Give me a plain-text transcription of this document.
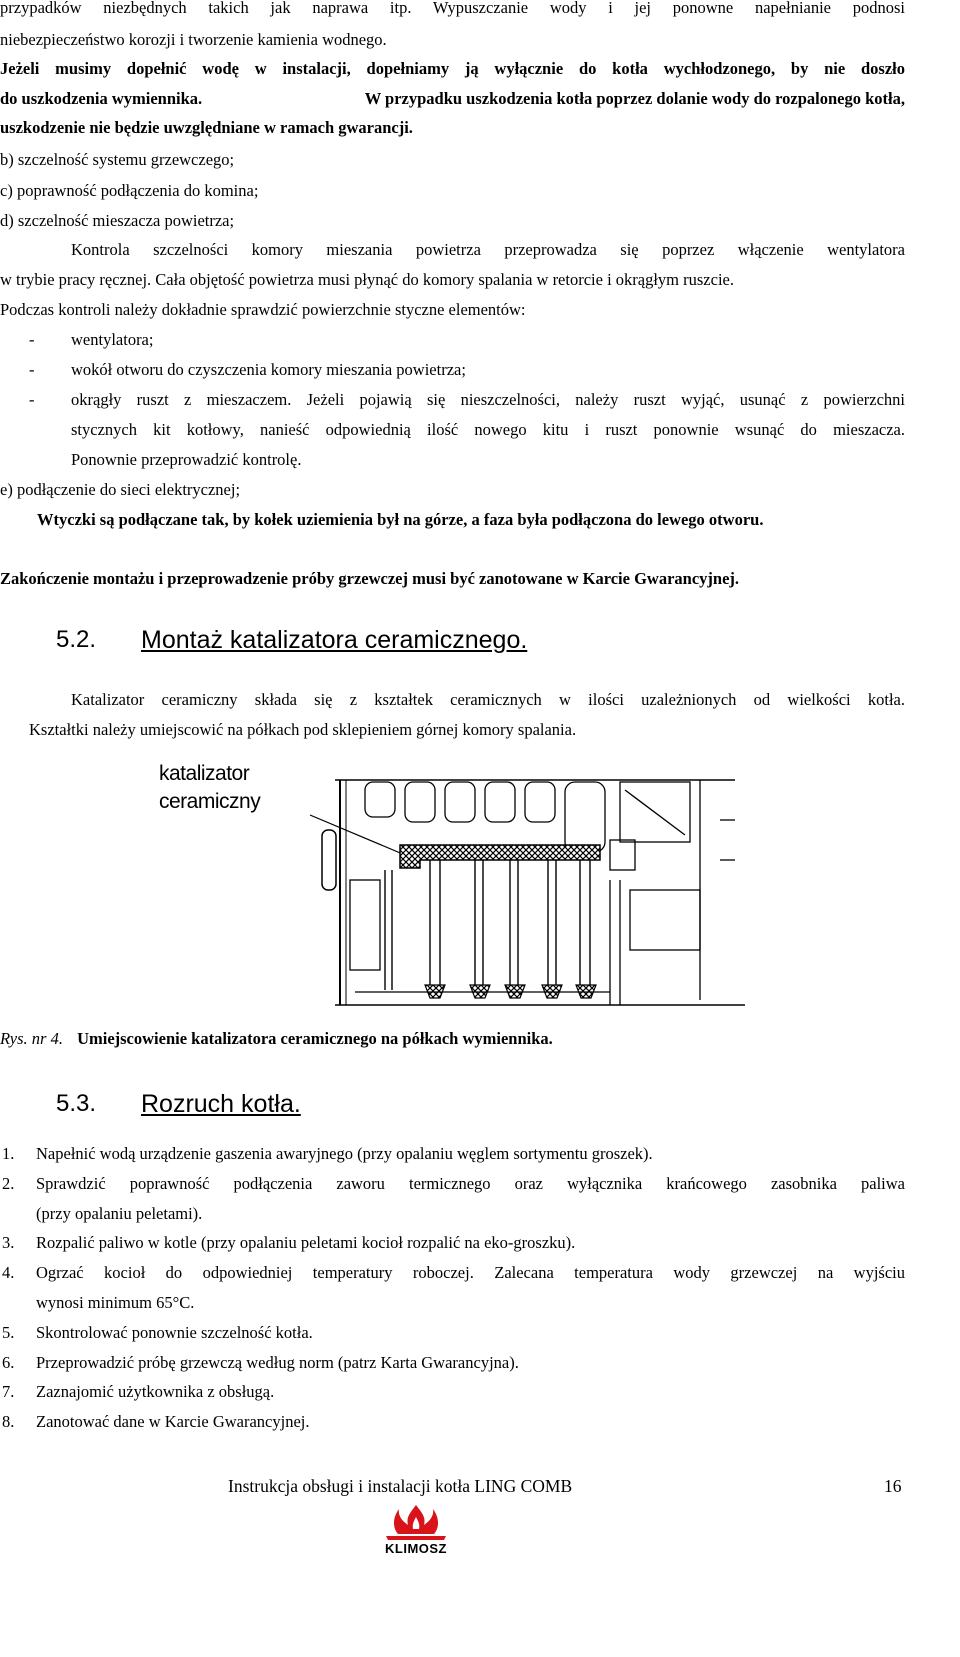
przypadków niezbędnych takich jak naprawa itp. Wypuszczanie wody i jej ponowne napełnianie podnosi
niebezpieczeństwo korozji i tworzenie kamienia wodnego.
Jeżeli musimy dopełnić wodę w instalacji, dopełniamy ją wyłącznie do kotła wychłodzonego, by nie doszło
do uszkodzenia wymiennika.	W przypadku uszkodzenia kotła poprzez dolanie wody do rozpalonego kotła,
uszkodzenie nie będzie uwzględniane w ramach gwarancji.
b) szczelność systemu grzewczego;
c) poprawność podłączenia do komina;
d) szczelność mieszacza powietrza;
Kontrola szczelności komory mieszania powietrza przeprowadza się poprzez włączenie wentylatora
w trybie pracy ręcznej. Cała objętość powietrza musi płynąć do komory spalania w retorcie i okrągłym ruszcie.
Podczas kontroli należy dokładnie sprawdzić powierzchnie styczne elementów:
- wentylatora;
- wokół otworu do czyszczenia komory mieszania powietrza;
- okrągły ruszt z mieszaczem. Jeżeli pojawią się nieszczelności, należy ruszt wyjąć, usunąć z powierzchni
stycznych kit kotłowy, nanieść odpowiednią ilość nowego kitu i ruszt ponownie wsunąć do mieszacza.
Ponownie przeprowadzić kontrolę.
e) podłączenie do sieci elektrycznej;
Wtyczki są podłączane tak, by kołek uziemienia był na górze, a faza była podłączona do lewego otworu.
Zakończenie montażu i przeprowadzenie próby grzewczej musi być zanotowane w Karcie Gwarancyjnej.
5.2. Montaż katalizatora ceramicznego.
Katalizator ceramiczny składa się z kształtek ceramicznych w ilości uzależnionych od wielkości kotła.
Kształtki należy umiejscowić na półkach pod sklepieniem górnej komory spalania.
katalizator
ceramiczny
Rys. nr 4. Umiejscowienie katalizatora ceramicznego na półkach wymiennika.
5.3. Rozruch kotła.
1. Napełnić wodą urządzenie gaszenia awaryjnego (przy opalaniu węglem sortymentu groszek).
2. Sprawdzić poprawność podłączenia zaworu termicznego oraz wyłącznika krańcowego zasobnika paliwa
(przy opalaniu peletami).
3. Rozpalić paliwo w kotle (przy opalaniu peletami kocioł rozpalić na eko-groszku).
4. Ogrzać kocioł do odpowiedniej temperatury roboczej. Zalecana temperatura wody grzewczej na wyjściu
wynosi minimum 65°C.
5. Skontrolować ponownie szczelność kotła.
6. Przeprowadzić próbę grzewczą według norm (patrz Karta Gwarancyjna).
7. Zaznajomić użytkownika z obsługą.
8. Zanotować dane w Karcie Gwarancyjnej.
Instrukcja obsługi i instalacji kotła LING COMB	16
KLIMOSZ
